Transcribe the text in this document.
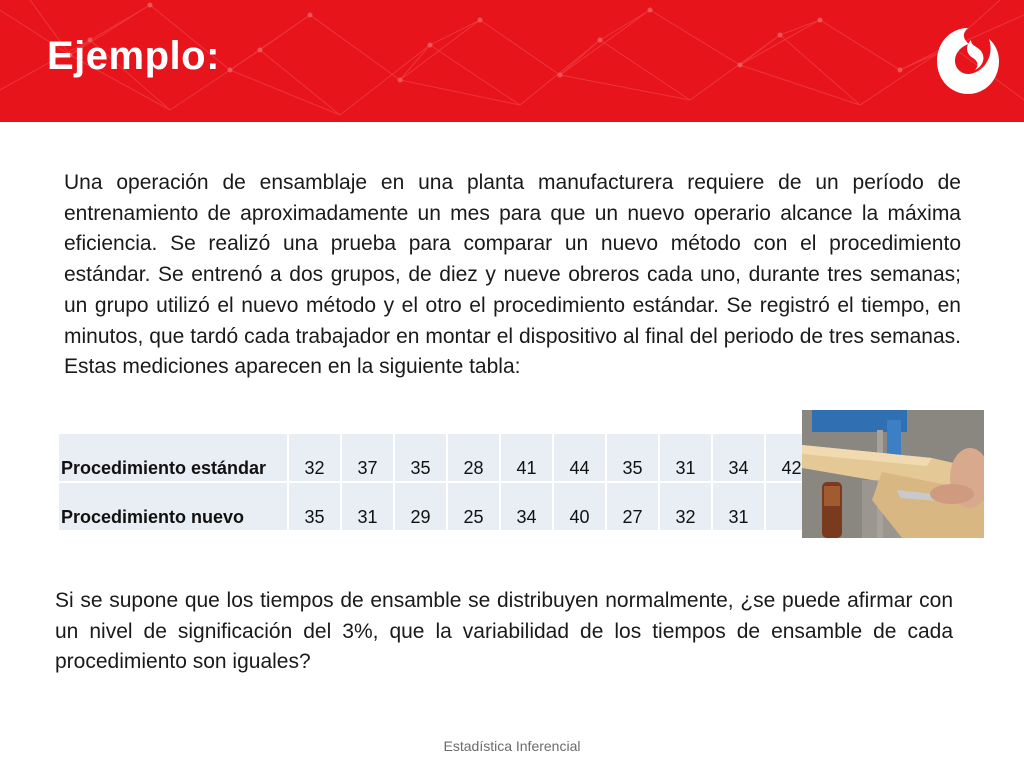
Ejemplo:

Una operación de ensamblaje en una planta manufacturera requiere de un período de entrenamiento de aproximadamente un mes para que un nuevo operario alcance la máxima eficiencia. Se realizó una prueba para comparar un nuevo método con el procedimiento estándar. Se entrenó a dos grupos, de diez y nueve obreros cada uno, durante tres semanas; un grupo utilizó el nuevo método y el otro el procedimiento estándar. Se registró el tiempo, en minutos, que tardó cada trabajador en montar el dispositivo al final del periodo de tres semanas. Estas mediciones aparecen en la siguiente tabla:

Procedimiento estándar	32	37	35	28	41	44	35	31	34	42
Procedimiento nuevo	35	31	29	25	34	40	27	32	31	

Si se supone que los tiempos de ensamble se distribuyen normalmente, ¿se puede afirmar con un nivel de significación del 3%, que la variabilidad de los tiempos de ensamble de cada procedimiento son iguales?

Estadística Inferencial
